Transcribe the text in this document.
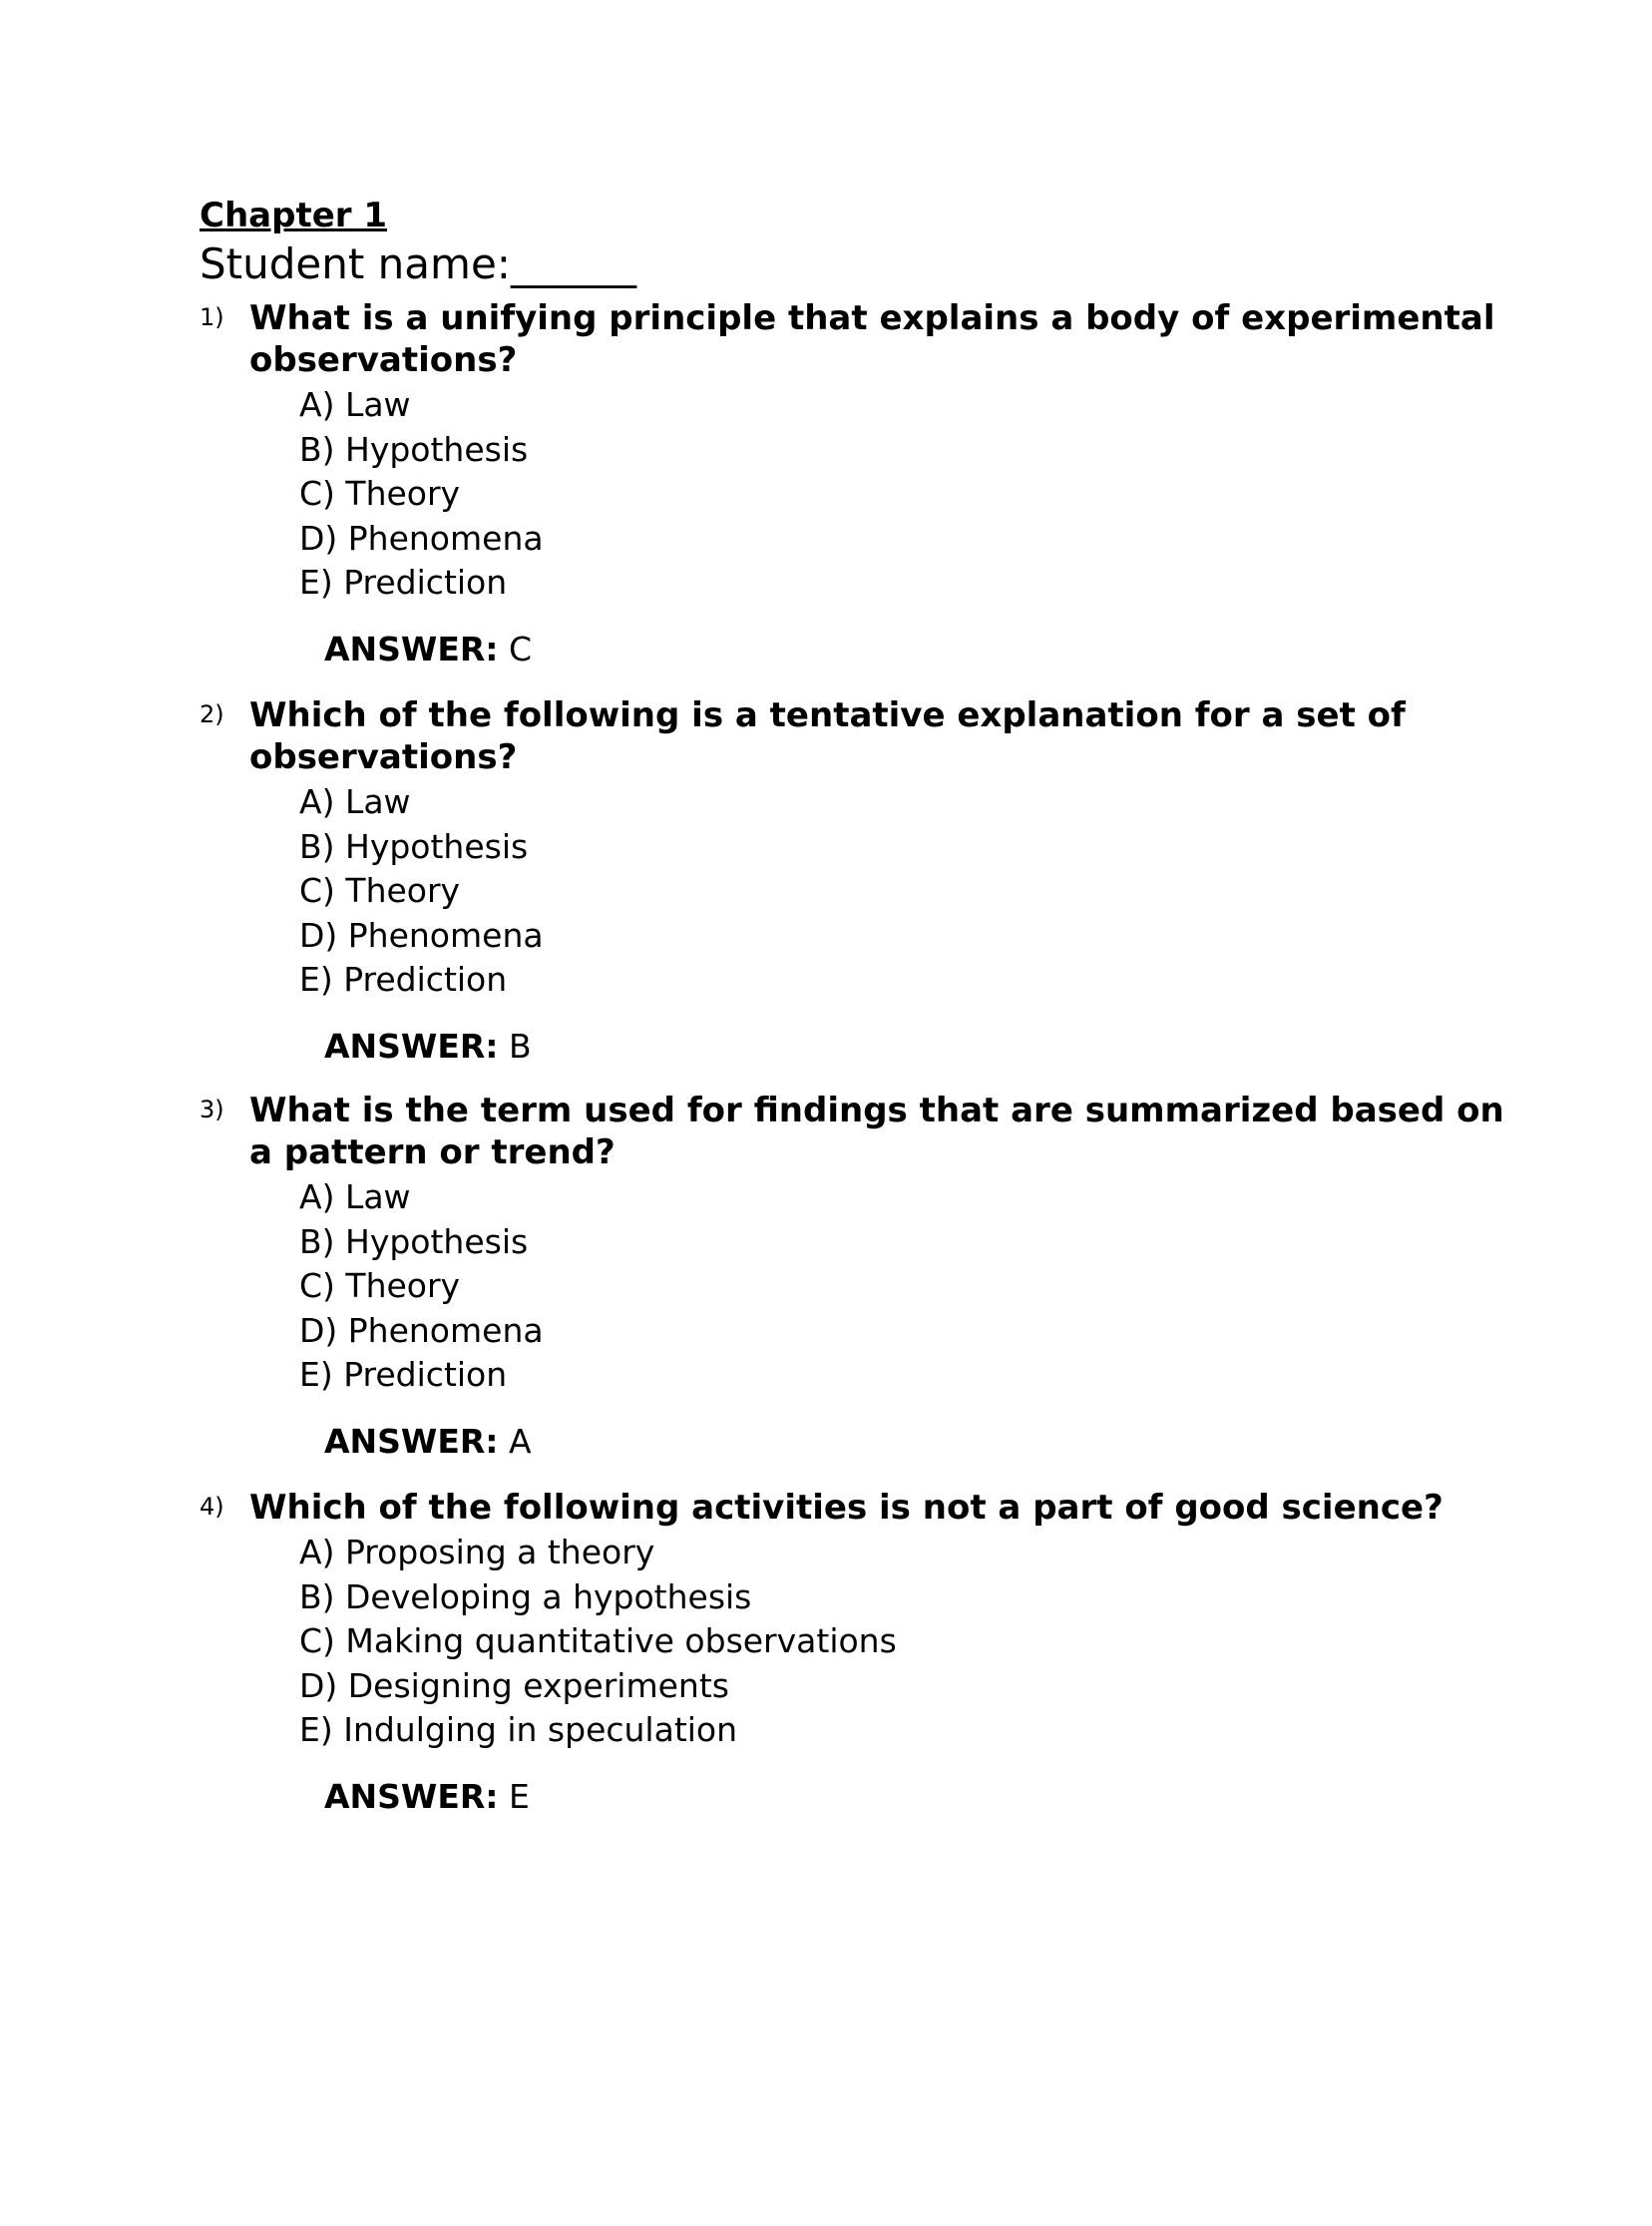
Chapter 1
Student name:______
1) What is a unifying principle that explains a body of experimental observations?
A) Law
B) Hypothesis
C) Theory
D) Phenomena
E) Prediction
ANSWER: C
2) Which of the following is a tentative explanation for a set of observations?
A) Law
B) Hypothesis
C) Theory
D) Phenomena
E) Prediction
ANSWER: B
3) What is the term used for findings that are summarized based on a pattern or trend?
A) Law
B) Hypothesis
C) Theory
D) Phenomena
E) Prediction
ANSWER: A
4) Which of the following activities is not a part of good science?
A) Proposing a theory
B) Developing a hypothesis
C) Making quantitative observations
D) Designing experiments
E) Indulging in speculation
ANSWER: E
